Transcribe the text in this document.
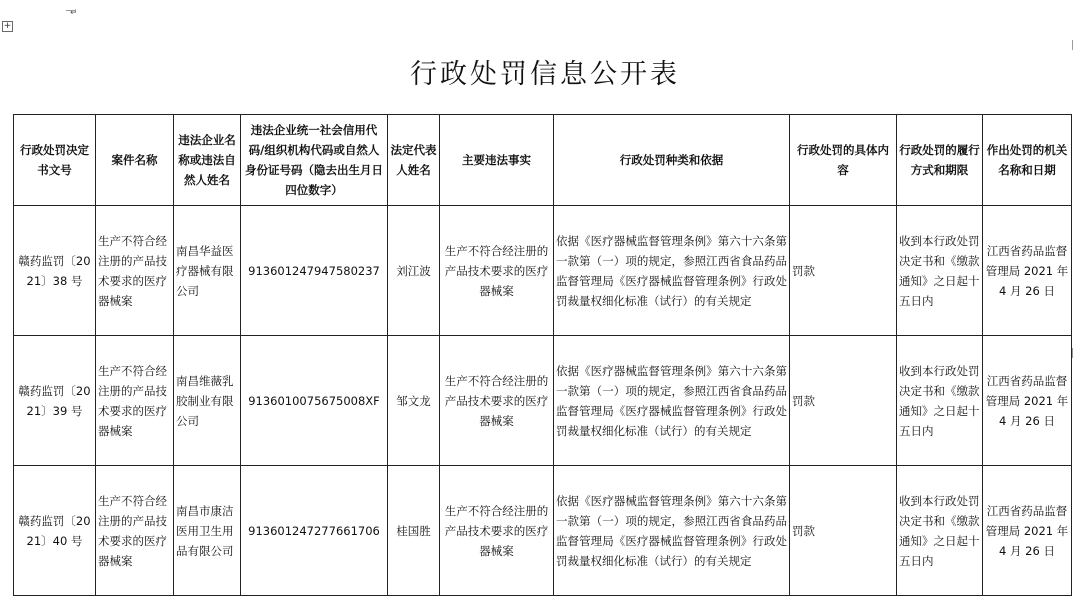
+
↵
行政处罚信息公开表
行政处罚决定书文号	案件名称	违法企业名称或违法自然人姓名	违法企业统一社会信用代码/组织机构代码或自然人身份证号码（隐去出生月日四位数字）	法定代表人姓名	主要违法事实	行政处罚种类和依据	行政处罚的具体内容	行政处罚的履行方式和期限	作出处罚的机关名称和日期
赣药监罚〔2021〕38 号	生产不符合经注册的产品技术要求的医疗器械案	南昌华益医疗器械有限公司	913601247947580237	刘江波	生产不符合经注册的产品技术要求的医疗器械案	依据《医疗器械监督管理条例》第六十六条第一款第（一）项的规定，参照江西省食品药品监督管理局《医疗器械监督管理条例》行政处罚裁量权细化标准（试行）的有关规定	罚款	收到本行政处罚决定书和《缴款通知》之日起十五日内	江西省药品监督管理局 2021 年 4 月 26 日
赣药监罚〔2021〕39 号	生产不符合经注册的产品技术要求的医疗器械案	南昌维薇乳胶制业有限公司	9136010075675008XF	邹文龙	生产不符合经注册的产品技术要求的医疗器械案	依据《医疗器械监督管理条例》第六十六条第一款第（一）项的规定，参照江西省食品药品监督管理局《医疗器械监督管理条例》行政处罚裁量权细化标准（试行）的有关规定	罚款	收到本行政处罚决定书和《缴款通知》之日起十五日内	江西省药品监督管理局 2021 年 4 月 26 日
赣药监罚〔2021〕40 号	生产不符合经注册的产品技术要求的医疗器械案	南昌市康洁医用卫生用品有限公司	913601247277661706	桂国胜	生产不符合经注册的产品技术要求的医疗器械案	依据《医疗器械监督管理条例》第六十六条第一款第（一）项的规定，参照江西省食品药品监督管理局《医疗器械监督管理条例》行政处罚裁量权细化标准（试行）的有关规定	罚款	收到本行政处罚决定书和《缴款通知》之日起十五日内	江西省药品监督管理局 2021 年 4 月 26 日
